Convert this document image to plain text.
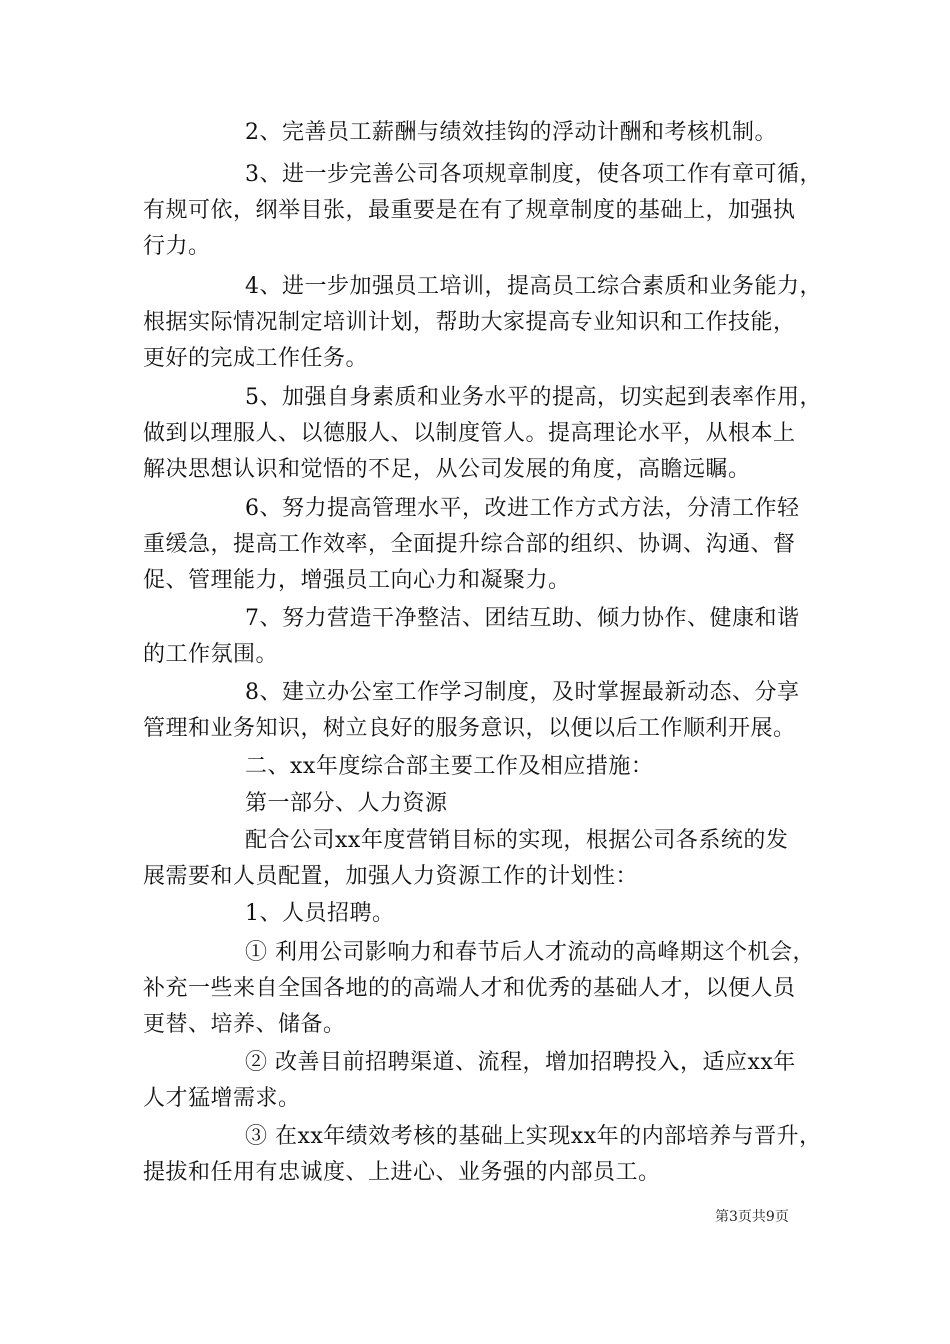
2、完善员工薪酬与绩效挂钩的浮动计酬和考核机制。
3、进一步完善公司各项规章制度，使各项工作有章可循，
有规可依，纲举目张，最重要是在有了规章制度的基础上，加强执
行力。
4、进一步加强员工培训，提高员工综合素质和业务能力，
根据实际情况制定培训计划，帮助大家提高专业知识和工作技能，
更好的完成工作任务。
5、加强自身素质和业务水平的提高，切实起到表率作用，
做到以理服人、以德服人、以制度管人。提高理论水平，从根本上
解决思想认识和觉悟的不足，从公司发展的角度，高瞻远瞩。
6、努力提高管理水平，改进工作方式方法，分清工作轻
重缓急，提高工作效率，全面提升综合部的组织、协调、沟通、督
促、管理能力，增强员工向心力和凝聚力。
7、努力营造干净整洁、团结互助、倾力协作、健康和谐
的工作氛围。
8、建立办公室工作学习制度，及时掌握最新动态、分享
管理和业务知识，树立良好的服务意识，以便以后工作顺利开展。
二、xx年度综合部主要工作及相应措施：
第一部分、人力资源
配合公司xx年度营销目标的实现，根据公司各系统的发
展需要和人员配置，加强人力资源工作的计划性：
1、人员招聘。
① 利用公司影响力和春节后人才流动的高峰期这个机会，
补充一些来自全国各地的的高端人才和优秀的基础人才，以便人员
更替、培养、储备。
② 改善目前招聘渠道、流程，增加招聘投入，适应xx年
人才猛增需求。
③ 在xx年绩效考核的基础上实现xx年的内部培养与晋升，
提拔和任用有忠诚度、上进心、业务强的内部员工。
第3页共9页
